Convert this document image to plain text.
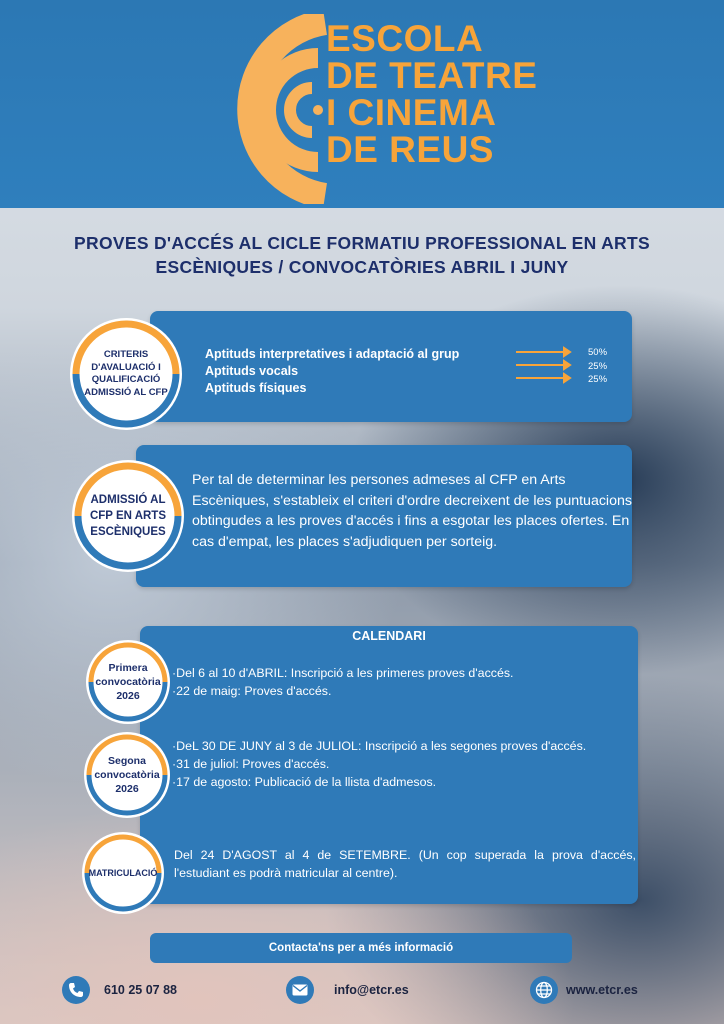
ESCOLA
DE TEATRE
I CINEMA
DE REUS
PROVES D'ACCÉS AL CICLE FORMATIU PROFESSIONAL EN ARTS
ESCÈNIQUES / CONVOCATÒRIES ABRIL I JUNY
CRITERIS
D'AVALUACIÓ I
QUALIFICACIÓ
ADMISSIÓ AL CFP
Aptituds interpretatives i adaptació al grup
Aptituds vocals
Aptituds físiques
50%
25%
25%
ADMISSIÓ AL
CFP EN ARTS
ESCÈNIQUES
Per tal de determinar les persones admeses al CFP en Arts Escèniques, s'estableix el criteri d'ordre decreixent de les puntuacions obtingudes a les proves d'accés i fins a esgotar les places ofertes. En cas d'empat, les places s'adjudiquen per sorteig.
CALENDARI
Primera
convocatòria
2026
·Del 6 al 10 d'ABRIL: Inscripció a les primeres proves d'accés.
·22 de maig: Proves d'accés.
Segona
convocatòria
2026
·DeL 30 DE JUNY al 3 de JULIOL: Inscripció a les segones proves d'accés.
·31 de juliol: Proves d'accés.
·17 de agosto: Publicació de la llista d'admesos.
MATRICULACIÓ
Del 24 D'AGOST al 4 de SETEMBRE. (Un cop superada la prova d'accés, l'estudiant es podrà matricular al centre).
Contacta'ns per a més informació
610 25 07 88	info@etcr.es	www.etcr.es
